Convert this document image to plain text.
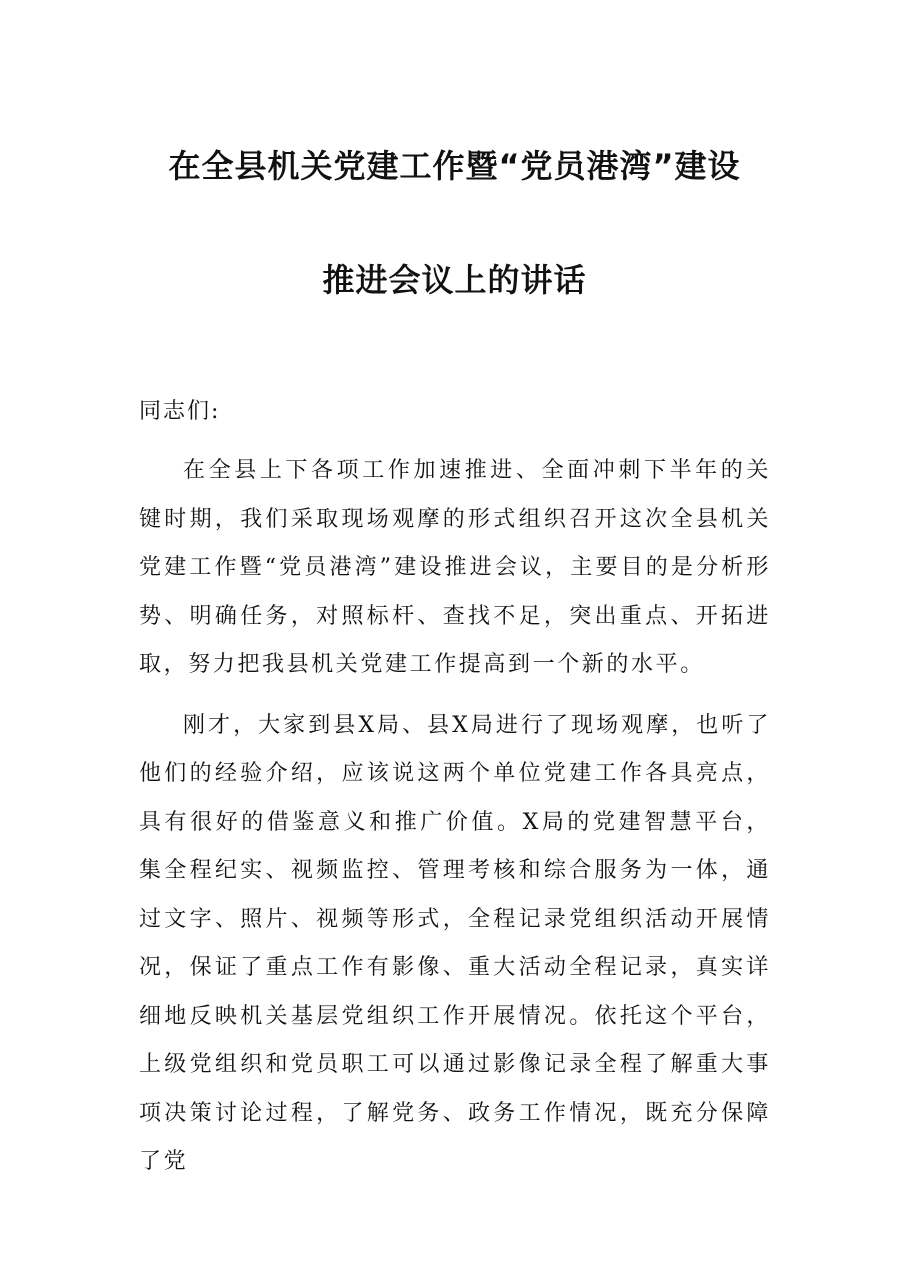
在全县机关党建工作暨“党员港湾”建设
推进会议上的讲话

同志们:

在全县上下各项工作加速推进、全面冲刺下半年的关键时期，我们采取现场观摩的形式组织召开这次全县机关党建工作暨“党员港湾”建设推进会议，主要目的是分析形势、明确任务，对照标杆、查找不足，突出重点、开拓进取，努力把我县机关党建工作提高到一个新的水平。

刚才，大家到县X局、县X局进行了现场观摩，也听了他们的经验介绍，应该说这两个单位党建工作各具亮点，具有很好的借鉴意义和推广价值。X局的党建智慧平台，集全程纪实、视频监控、管理考核和综合服务为一体，通过文字、照片、视频等形式，全程记录党组织活动开展情况，保证了重点工作有影像、重大活动全程记录，真实详细地反映机关基层党组织工作开展情况。依托这个平台，上级党组织和党员职工可以通过影像记录全程了解重大事项决策讨论过程，了解党务、政务工作情况，既充分保障了党
